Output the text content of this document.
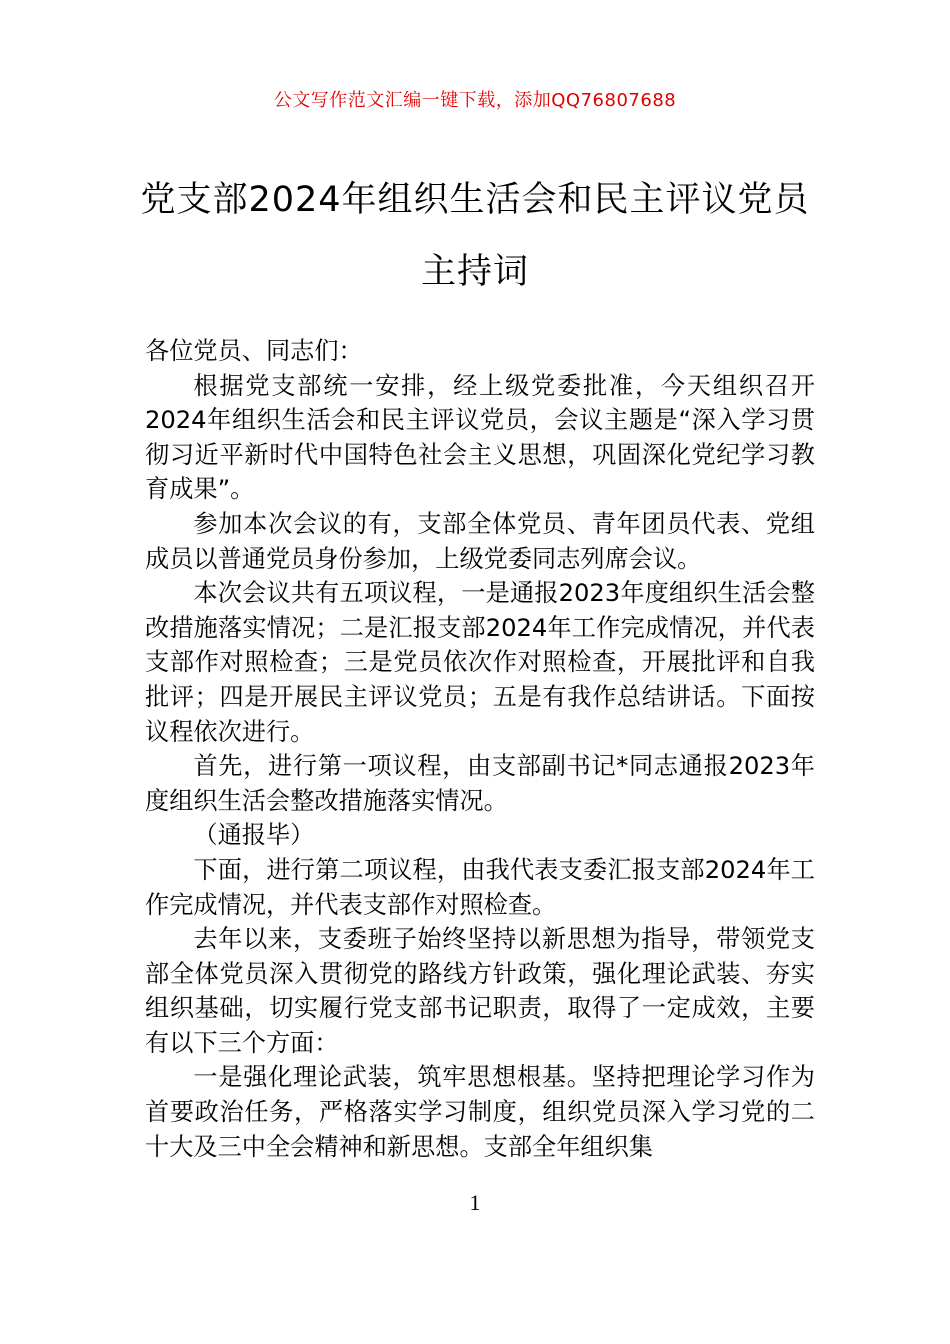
公文写作范文汇编一键下载，添加QQ76807688
党支部2024年组织生活会和民主评议党员
主持词

各位党员、同志们：

根据党支部统一安排，经上级党委批准，今天组织召开2024年组织生活会和民主评议党员，会议主题是“深入学习贯彻习近平新时代中国特色社会主义思想，巩固深化党纪学习教育成果”。

参加本次会议的有，支部全体党员、青年团员代表、党组成员以普通党员身份参加，上级党委同志列席会议。

本次会议共有五项议程，一是通报2023年度组织生活会整改措施落实情况；二是汇报支部2024年工作完成情况，并代表支部作对照检查；三是党员依次作对照检查，开展批评和自我批评；四是开展民主评议党员；五是有我作总结讲话。下面按议程依次进行。

首先，进行第一项议程，由支部副书记*同志通报2023年度组织生活会整改措施落实情况。

（通报毕）

下面，进行第二项议程，由我代表支委汇报支部2024年工作完成情况，并代表支部作对照检查。

去年以来，支委班子始终坚持以新思想为指导，带领党支部全体党员深入贯彻党的路线方针政策，强化理论武装、夯实组织基础，切实履行党支部书记职责，取得了一定成效，主要有以下三个方面：

一是强化理论武装，筑牢思想根基。坚持把理论学习作为首要政治任务，严格落实学习制度，组织党员深入学习党的二十大及三中全会精神和新思想。支部全年组织集

1
